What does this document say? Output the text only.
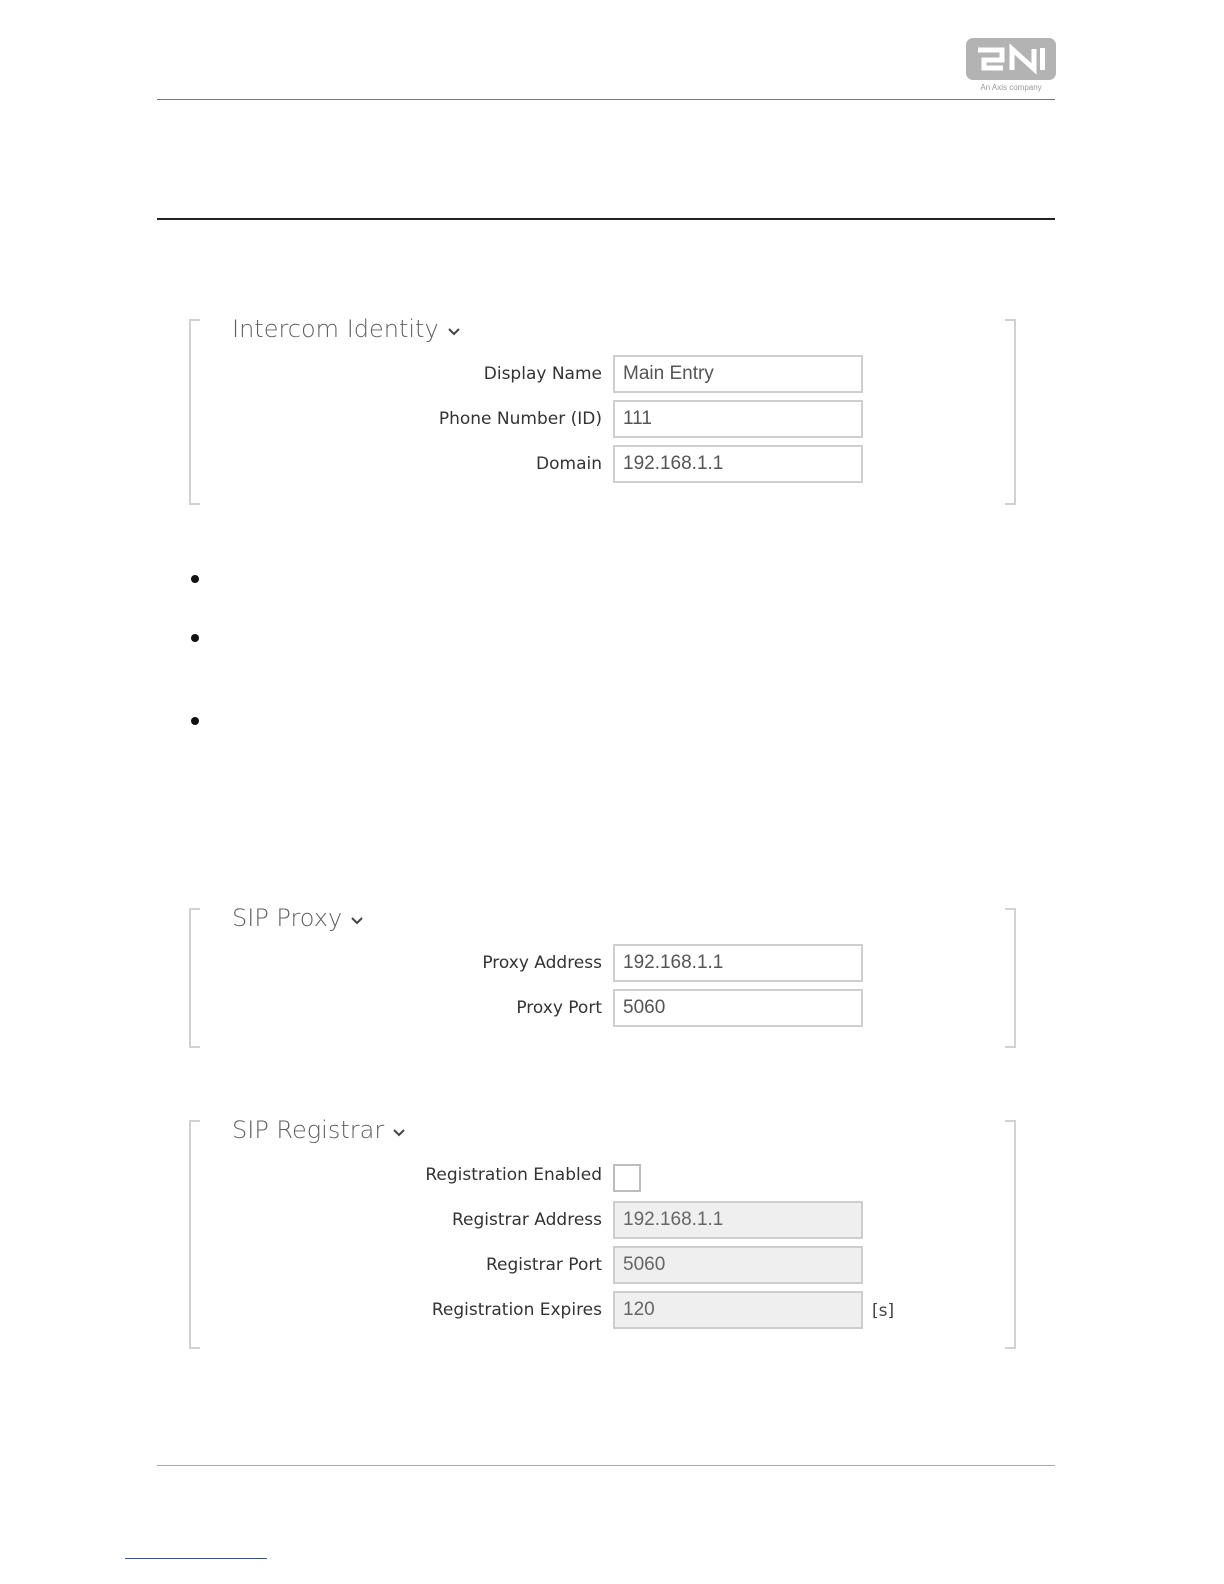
An Axis company
Intercom Identity
Display Name
Main Entry
Phone Number (ID)
111
Domain
192.168.1.1
SIP Proxy
Proxy Address
192.168.1.1
Proxy Port
5060
SIP Registrar
Registration Enabled
Registrar Address
192.168.1.1
Registrar Port
5060
Registration Expires
120	[s]
